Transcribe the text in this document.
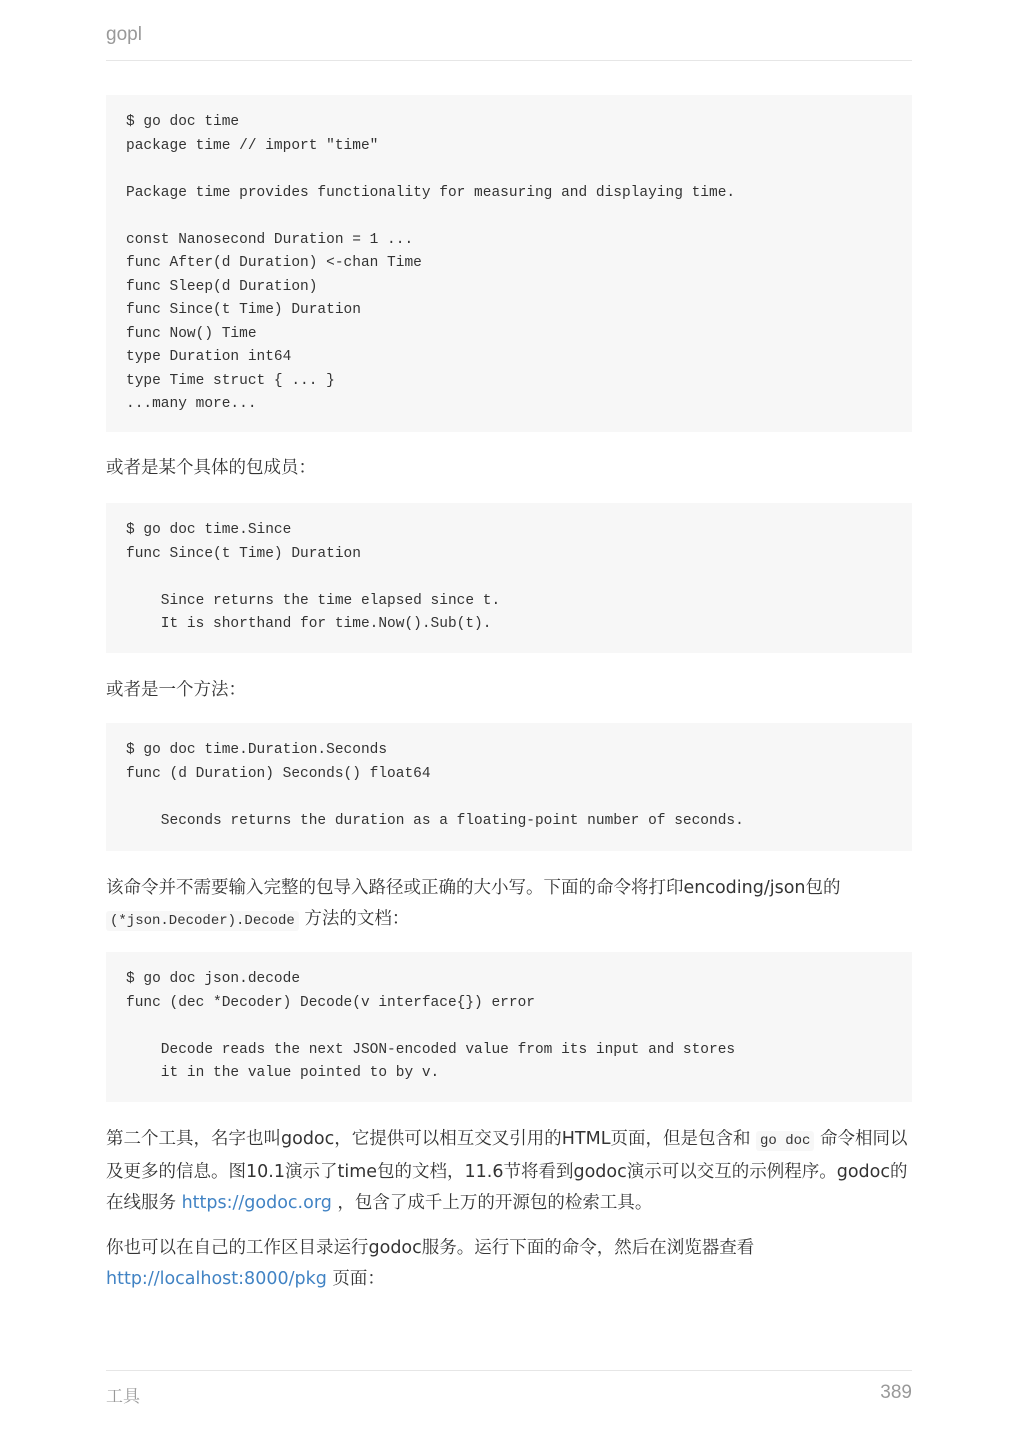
gopl
$ go doc time
package time // import "time"

Package time provides functionality for measuring and displaying time.

const Nanosecond Duration = 1 ...
func After(d Duration) <-chan Time
func Sleep(d Duration)
func Since(t Time) Duration
func Now() Time
type Duration int64
type Time struct { ... }
...many more...
或者是某个具体的包成员：
$ go doc time.Since
func Since(t Time) Duration

Since returns the time elapsed since t.
It is shorthand for time.Now().Sub(t).
或者是一个方法：
$ go doc time.Duration.Seconds
func (d Duration) Seconds() float64

Seconds returns the duration as a floating-point number of seconds.
该命令并不需要输入完整的包导入路径或正确的大小写。下面的命令将打印encoding/json包的 (*json.Decoder).Decode 方法的文档：
$ go doc json.decode
func (dec *Decoder) Decode(v interface{}) error

Decode reads the next JSON-encoded value from its input and stores
it in the value pointed to by v.
第二个工具，名字也叫godoc，它提供可以相互交叉引用的HTML页面，但是包含和 go doc 命令相同以及更多的信息。图10.1演示了time包的文档，11.6节将看到godoc演示可以交互的示例程序。godoc的在线服务 https://godoc.org ，包含了成千上万的开源包的检索工具。
你也可以在自己的工作区目录运行godoc服务。运行下面的命令，然后在浏览器查看 http://localhost:8000/pkg 页面：
工具	389
